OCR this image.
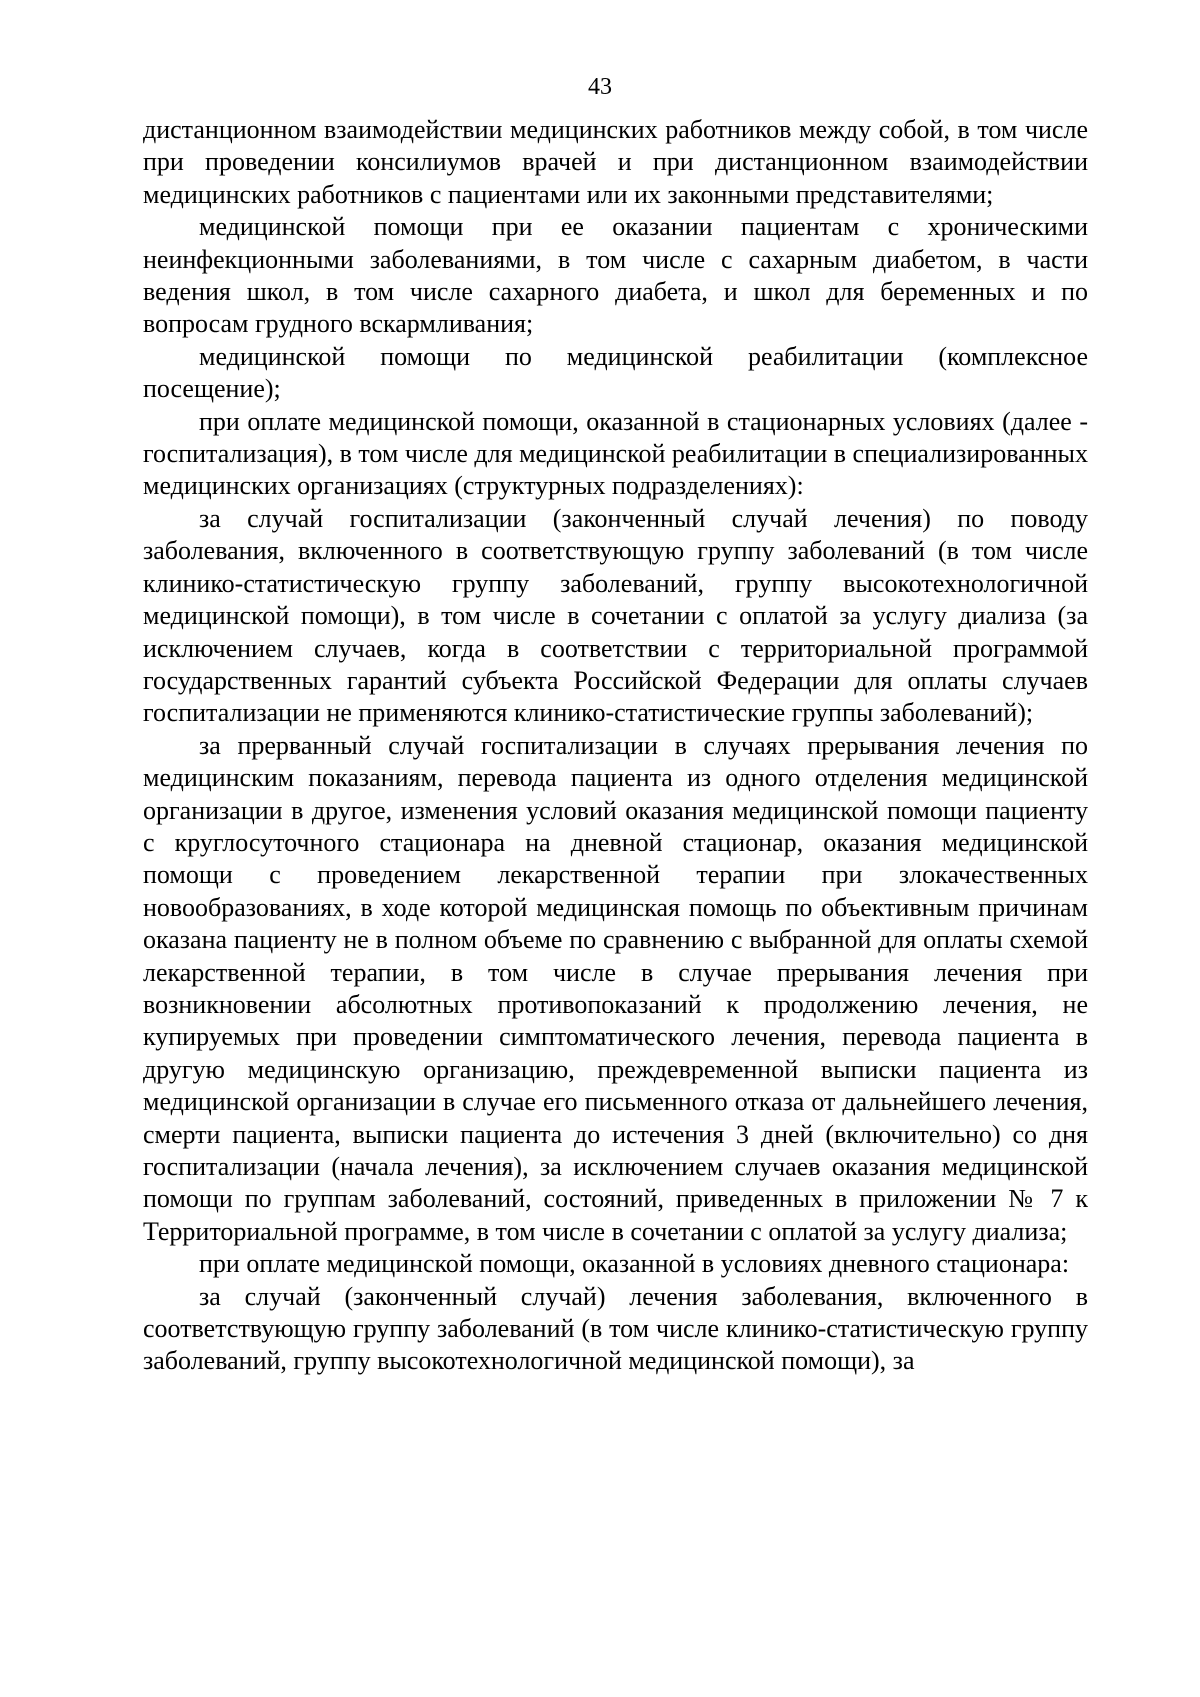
43

дистанционном взаимодействии медицинских работников между собой, в том числе при проведении консилиумов врачей и при дистанционном взаимодействии медицинских работников с пациентами или их законными представителями;

медицинской помощи при ее оказании пациентам с хроническими неинфекционными заболеваниями, в том числе с сахарным диабетом, в части ведения школ, в том числе сахарного диабета, и школ для беременных и по вопросам грудного вскармливания;

медицинской помощи по медицинской реабилитации (комплексное посещение);

при оплате медицинской помощи, оказанной в стационарных условиях (далее - госпитализация), в том числе для медицинской реабилитации в специализированных медицинских организациях (структурных подразделениях):

за случай госпитализации (законченный случай лечения) по поводу заболевания, включенного в соответствующую группу заболеваний (в том числе клинико-статистическую группу заболеваний, группу высокотехнологичной медицинской помощи), в том числе в сочетании с оплатой за услугу диализа (за исключением случаев, когда в соответствии с территориальной программой государственных гарантий субъекта Российской Федерации для оплаты случаев госпитализации не применяются клинико-статистические группы заболеваний);

за прерванный случай госпитализации в случаях прерывания лечения по медицинским показаниям, перевода пациента из одного отделения медицинской организации в другое, изменения условий оказания медицинской помощи пациенту с круглосуточного стационара на дневной стационар, оказания медицинской помощи с проведением лекарственной терапии при злокачественных новообразованиях, в ходе которой медицинская помощь по объективным причинам оказана пациенту не в полном объеме по сравнению с выбранной для оплаты схемой лекарственной терапии, в том числе в случае прерывания лечения при возникновении абсолютных противопоказаний к продолжению лечения, не купируемых при проведении симптоматического лечения, перевода пациента в другую медицинскую организацию, преждевременной выписки пациента из медицинской организации в случае его письменного отказа от дальнейшего лечения, смерти пациента, выписки пациента до истечения 3 дней (включительно) со дня госпитализации (начала лечения), за исключением случаев оказания медицинской помощи по группам заболеваний, состояний, приведенных в приложении № 7 к Территориальной программе, в том числе в сочетании с оплатой за услугу диализа;

при оплате медицинской помощи, оказанной в условиях дневного стационара:

за случай (законченный случай) лечения заболевания, включенного в соответствующую группу заболеваний (в том числе клинико-статистическую группу заболеваний, группу высокотехнологичной медицинской помощи), за
